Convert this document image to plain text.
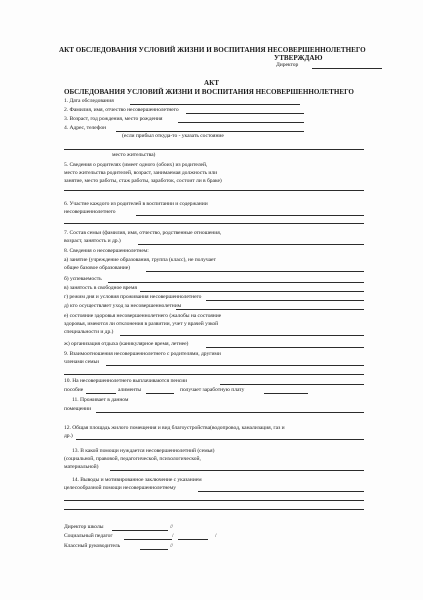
АКТ ОБСЛЕДОВАНИЯ УСЛОВИЙ ЖИЗНИ И ВОСПИТАНИЯ НЕСОВЕРШЕННОЛЕТНЕГО
УТВЕРЖДАЮ
Директор
АКТ
ОБСЛЕДОВАНИЯ УСЛОВИЙ ЖИЗНИ И ВОСПИТАНИЯ НЕСОВЕРШЕННОЛЕТНЕГО
1. Дата обследования
2. Фамилия, имя, отчество несовершеннолетнего
3. Возраст, год рождения, место рождения
4. Адрес, телефон
(если прибыл откуда-то - указать состояние
место жительства)
5. Сведения о родителях (имеет одного (обоих) из родителей,
место жительства родителей, возраст, занимаемая должность или
занятие, место работы, стаж работы, заработок, состоит ли в браке)
6. Участие каждого из родителей в воспитании и содержании
несовершеннолетнего
7. Состав семьи (фамилия, имя, отчество, родственные отношения,
возраст, занятость и др.)
8. Сведения о несовершеннолетнем:
а) занятие (учреждение образования, группа (класс), не получает
общее базовое образование)
б) успеваемость
в) занятость в свободное время
г) режим дня и условия проживания несовершеннолетнего
д) кто осуществляет уход за несовершеннолетним
е) состояние здоровья несовершеннолетнего (жалобы на состояние
здоровья, имеются ли отклонения в развитии, учет у врачей узкой
специальности и др.)
ж) организация отдыха (каникулярное время, летнее)
9. Взаимоотношения несовершеннолетнего с родителями, другими
членами семьи
10. На несовершеннолетнего выплачиваются пенсии
пособие	алименты	получает заработную плату
11. Проживает в данном
помещении
12. Общая площадь жилого помещения и вид благоустройства(водопровод, канализация, газ и
др.)
13. В какой помощи нуждается несовершеннолетний (семья)
(социальной, правовой, педагогической, психологической,
материальной)
14. Выводы и мотивированное заключение с указанием
целесообразной помощи несовершеннолетнему
Директор школы	//
Социальный педагог	/	/
Классный руководитель	//
